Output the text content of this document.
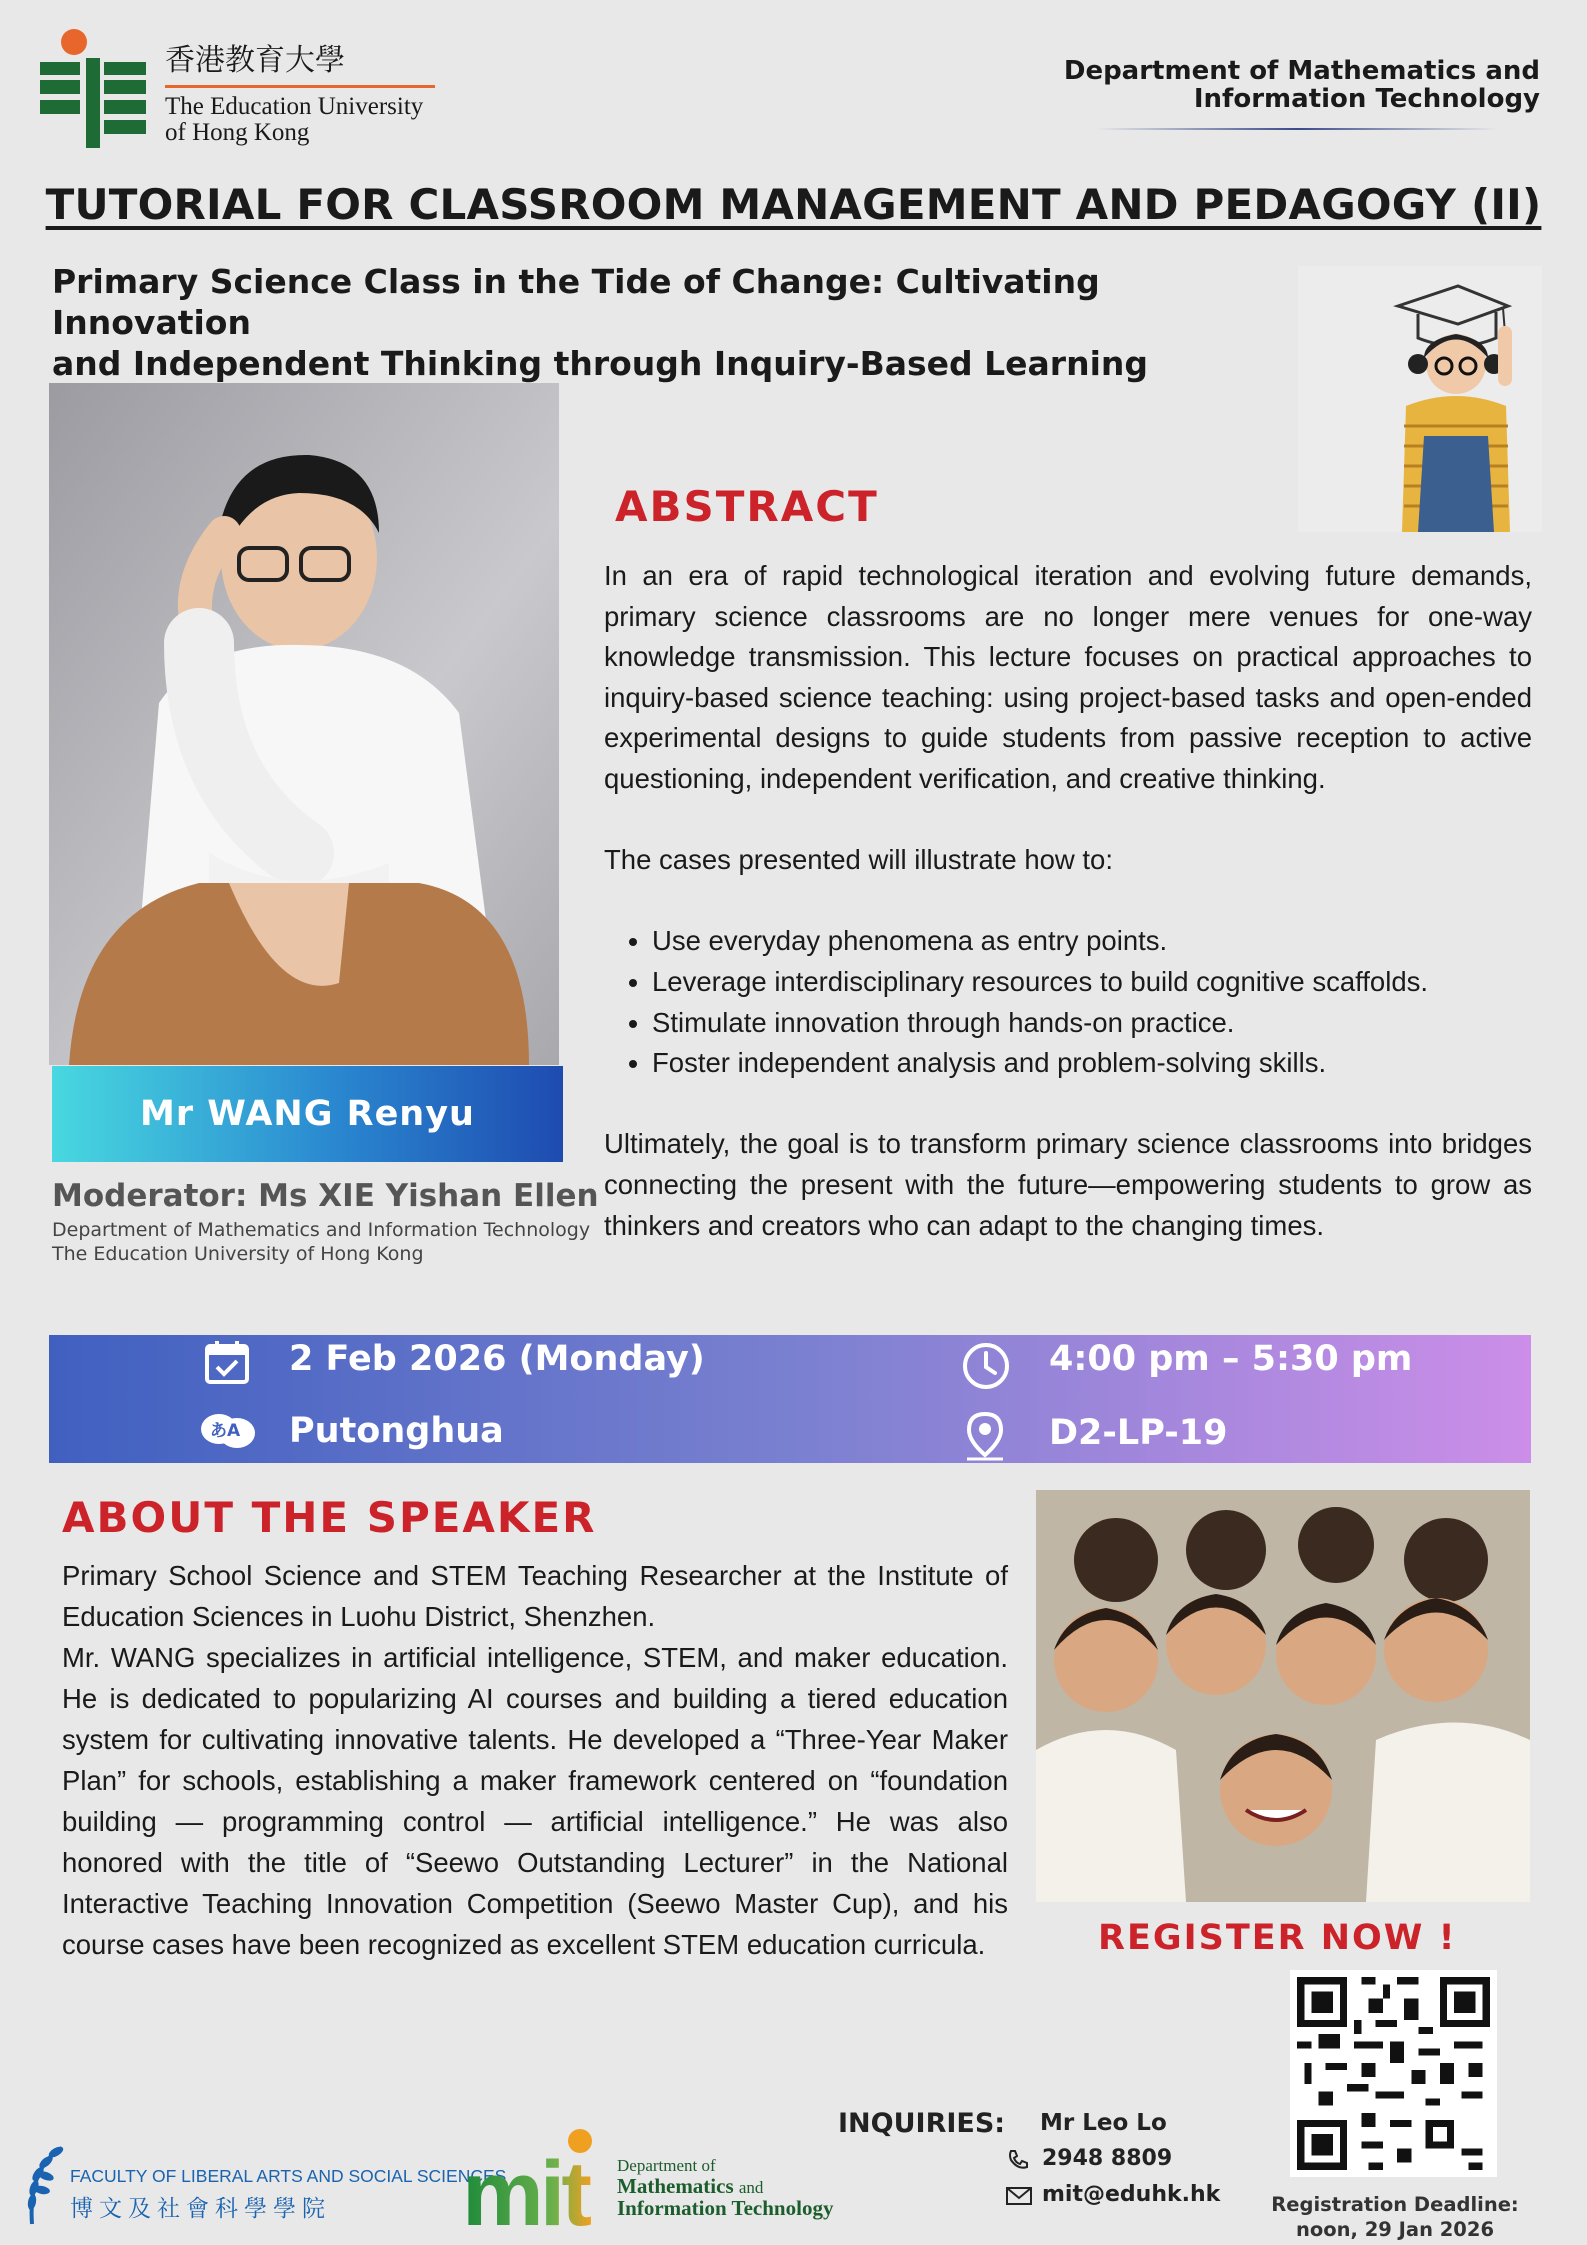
香港教育大學
The Education University
of Hong Kong
Department of Mathematics and
Information Technology
TUTORIAL FOR CLASSROOM MANAGEMENT AND PEDAGOGY (II)
Primary Science Class in the Tide of Change: Cultivating Innovation
and Independent Thinking through Inquiry-Based Learning
Mr WANG Renyu
Moderator: Ms XIE Yishan Ellen
Department of Mathematics and Information Technology
The Education University of Hong Kong
ABSTRACT

In an era of rapid technological iteration and evolving future demands, primary science classrooms are no longer mere venues for one-way knowledge transmission. This lecture focuses on practical approaches to inquiry-based science teaching: using project-based tasks and open-ended experimental designs to guide students from passive reception to active questioning, independent verification, and creative thinking.

The cases presented will illustrate how to:

• Use everyday phenomena as entry points.
• Leverage interdisciplinary resources to build cognitive scaffolds.
• Stimulate innovation through hands-on practice.
• Foster independent analysis and problem-solving skills.

Ultimately, the goal is to transform primary science classrooms into bridges connecting the present with the future—empowering students to grow as thinkers and creators who can adapt to the changing times.

2 Feb 2026 (Monday)	4:00 pm – 5:30 pm
あA Putonghua	D2-LP-19
ABOUT THE SPEAKER

Primary School Science and STEM Teaching Researcher at the Institute of Education Sciences in Luohu District, Shenzhen.

Mr. WANG specializes in artificial intelligence, STEM, and maker education. He is dedicated to popularizing AI courses and building a tiered education system for cultivating innovative talents. He developed a “Three-Year Maker Plan” for schools, establishing a maker framework centered on “foundation building — programming control — artificial intelligence.” He was also honored with the title of “Seewo Outstanding Lecturer” in the National Interactive Teaching Innovation Competition (Seewo Master Cup), and his course cases have been recognized as excellent STEM education curricula.	REGISTER NOW !
Registration Deadline:
noon, 29 Jan 2026
FACULTY OF LIBERAL ARTS AND SOCIAL SCIENCES
博文及社會科學學院 mit Department of
Mathematics and
Information Technology
INQUIRIES: Mr Leo Lo
2948 8809
mit@eduhk.hk
